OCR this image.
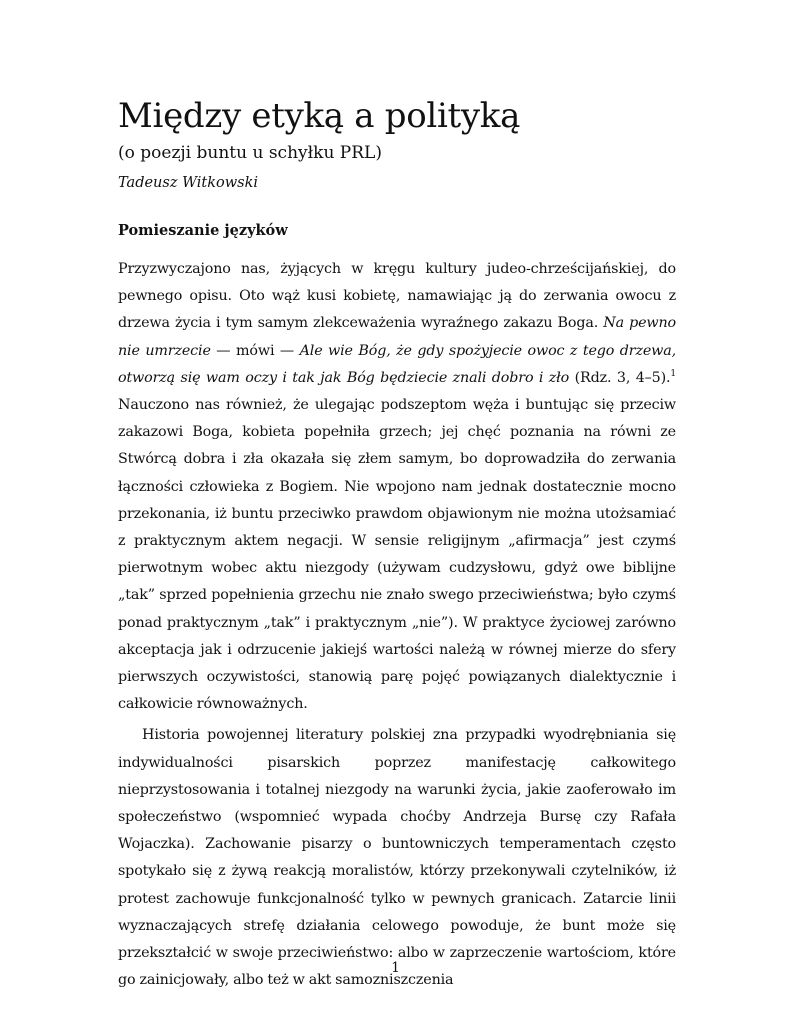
Między etyką a polityką

(o poezji buntu u schyłku PRL)

Tadeusz Witkowski

Pomieszanie języków

Przyzwyczajono nas, żyjących w kręgu kultury judeo-chrześcijańskiej, do pewnego opisu. Oto wąż kusi kobietę, namawiając ją do zerwania owocu z drzewa życia i tym samym zlekceważenia wyraźnego zakazu Boga. Na pewno nie umrzecie — mówi — Ale wie Bóg, że gdy spożyjecie owoc z tego drzewa, otworzą się wam oczy i tak jak Bóg będziecie znali dobro i zło (Rdz. 3, 4–5).$^1$ Nauczono nas również, że ulegając podszeptom węża i buntując się przeciw zakazowi Boga, kobieta popełniła grzech; jej chęć poznania na równi ze Stwórcą dobra i zła okazała się złem samym, bo doprowadziła do zerwania łączności człowieka z Bogiem. Nie wpojono nam jednak dostatecznie mocno przekonania, iż buntu przeciwko prawdom objawionym nie można utożsamiać z praktycznym aktem negacji. W sensie religijnym „afirmacja” jest czymś pierwotnym wobec aktu niezgody (używam cudzysłowu, gdyż owe biblijne „tak” sprzed popełnienia grzechu nie znało swego przeciwieństwa; było czymś ponad praktycznym „tak” i praktycznym „nie”). W praktyce życiowej zarówno akceptacja jak i odrzucenie jakiejś wartości należą w równej mierze do sfery pierwszych oczywistości, stanowią parę pojęć powiązanych dialektycznie i całkowicie równoważnych.

Historia powojennej literatury polskiej zna przypadki wyodrębniania się indywidualności pisarskich poprzez manifestację całkowitego nieprzystosowania i totalnej niezgody na warunki życia, jakie zaoferowało im społeczeństwo (wspomnieć wypada choćby Andrzeja Bursę czy Rafała Wojaczka). Zachowanie pisarzy o buntowniczych temperamentach często spotykało się z żywą reakcją moralistów, którzy przekonywali czytelników, iż protest zachowuje funkcjonalność tylko w pewnych granicach. Zatarcie linii wyznaczających strefę działania celowego powoduje, że bunt może się przekształcić w swoje przeciwieństwo: albo w zaprzeczenie wartościom, które go zainicjowały, albo też w akt samozniszczenia

1
